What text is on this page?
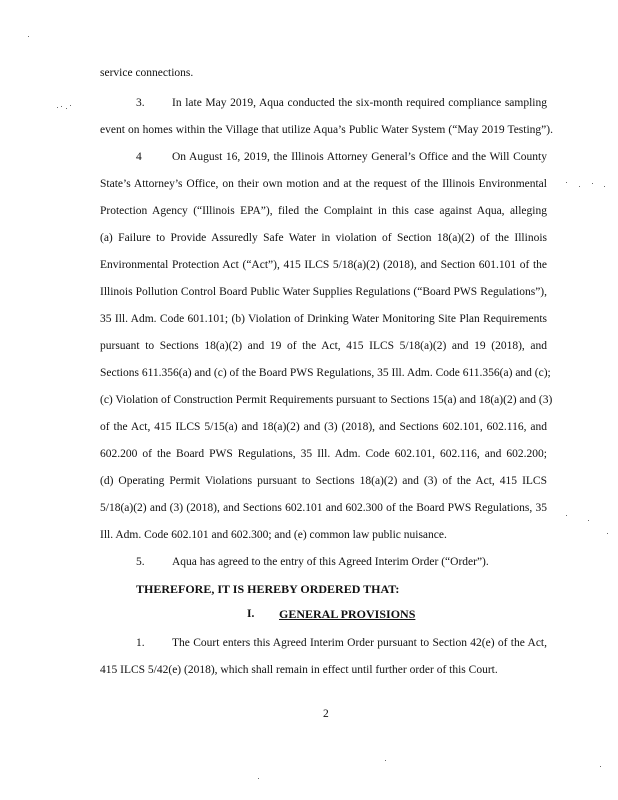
service connections.
3. In late May 2019, Aqua conducted the six-month required compliance sampling
event on homes within the Village that utilize Aqua’s Public Water System (“May 2019 Testing”).
4	On August 16, 2019, the Illinois Attorney General’s Office and the Will County
State’s Attorney’s Office, on their own motion and at the request of the Illinois Environmental
Protection Agency (“Illinois EPA”), filed the Complaint in this case against Aqua, alleging
(a) Failure to Provide Assuredly Safe Water in violation of Section 18(a)(2) of the Illinois
Environmental Protection Act (“Act”), 415 ILCS 5/18(a)(2) (2018), and Section 601.101 of the
Illinois Pollution Control Board Public Water Supplies Regulations (“Board PWS Regulations”),
35 Ill. Adm. Code 601.101; (b) Violation of Drinking Water Monitoring Site Plan Requirements
pursuant to Sections 18(a)(2) and 19 of the Act, 415 ILCS 5/18(a)(2) and 19 (2018), and
Sections 611.356(a) and (c) of the Board PWS Regulations, 35 Ill. Adm. Code 611.356(a) and (c);
(c) Violation of Construction Permit Requirements pursuant to Sections 15(a) and 18(a)(2) and (3)
of the Act, 415 ILCS 5/15(a) and 18(a)(2) and (3) (2018), and Sections 602.101, 602.116, and
602.200 of the Board PWS Regulations, 35 Ill. Adm. Code 602.101, 602.116, and 602.200;
(d) Operating Permit Violations pursuant to Sections 18(a)(2) and (3) of the Act, 415 ILCS
5/18(a)(2) and (3) (2018), and Sections 602.101 and 602.300 of the Board PWS Regulations, 35
Ill. Adm. Code 602.101 and 602.300; and (e) common law public nuisance.
5. Aqua has agreed to the entry of this Agreed Interim Order (“Order”).
THEREFORE, IT IS HEREBY ORDERED THAT:
I. GENERAL PROVISIONS
1. The Court enters this Agreed Interim Order pursuant to Section 42(e) of the Act,
415 ILCS 5/42(e) (2018), which shall remain in effect until further order of this Court.
2
